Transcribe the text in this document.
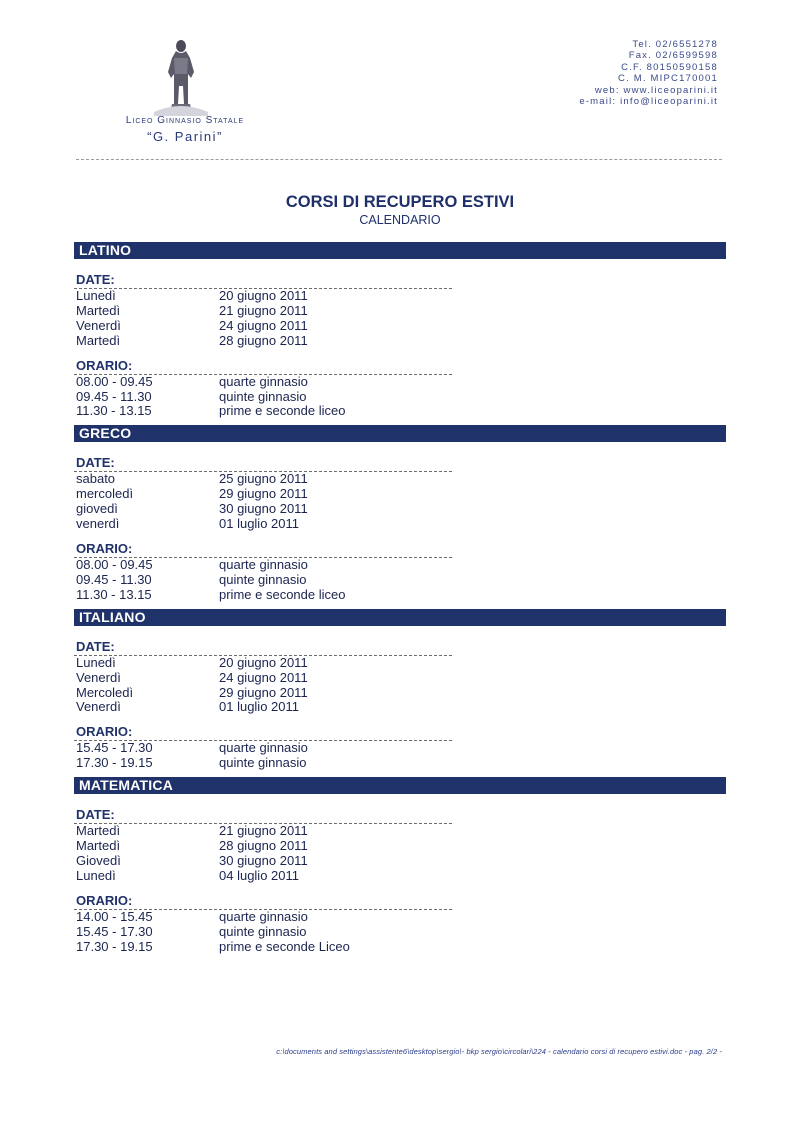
Liceo Ginnasio Statale
“G. Parini”
Tel. 02/6551278
Fax. 02/6599598
C.F. 80150590158
C. M. MIPC170001
web: www.liceoparini.it
e-mail: info@liceoparini.it
CORSI DI RECUPERO ESTIVI
CALENDARIO
LATINO
DATE:
Lunedì	20 giugno 2011
Martedì	21 giugno 2011
Venerdì	24 giugno 2011
Martedì	28 giugno 2011
ORARIO:
08.00 - 09.45	quarte ginnasio
09.45 - 11.30	quinte ginnasio
11.30 - 13.15	prime e seconde liceo
GRECO
DATE:
sabato	25 giugno 2011
mercoledì	29 giugno 2011
giovedì	30 giugno 2011
venerdì	01 luglio 2011
ORARIO:
08.00 - 09.45	quarte ginnasio
09.45 - 11.30	quinte ginnasio
11.30 - 13.15	prime e seconde liceo
ITALIANO
DATE:
Lunedì	20 giugno 2011
Venerdì	24 giugno 2011
Mercoledì	29 giugno 2011
Venerdì	01 luglio 2011
ORARIO:
15.45 - 17.30	quarte ginnasio
17.30 - 19.15	quinte ginnasio
MATEMATICA
DATE:
Martedì	21 giugno 2011
Martedì	28 giugno 2011
Giovedì	30 giugno 2011
Lunedì	04 luglio 2011
ORARIO:
14.00 - 15.45	quarte ginnasio
15.45 - 17.30	quinte ginnasio
17.30 - 19.15	prime e seconde Liceo
c:\documents and settings\assistente6\desktop\sergio\- bkp sergio\circolari\224 - calendario corsi di recupero estivi.doc - pag. 2/2 -
